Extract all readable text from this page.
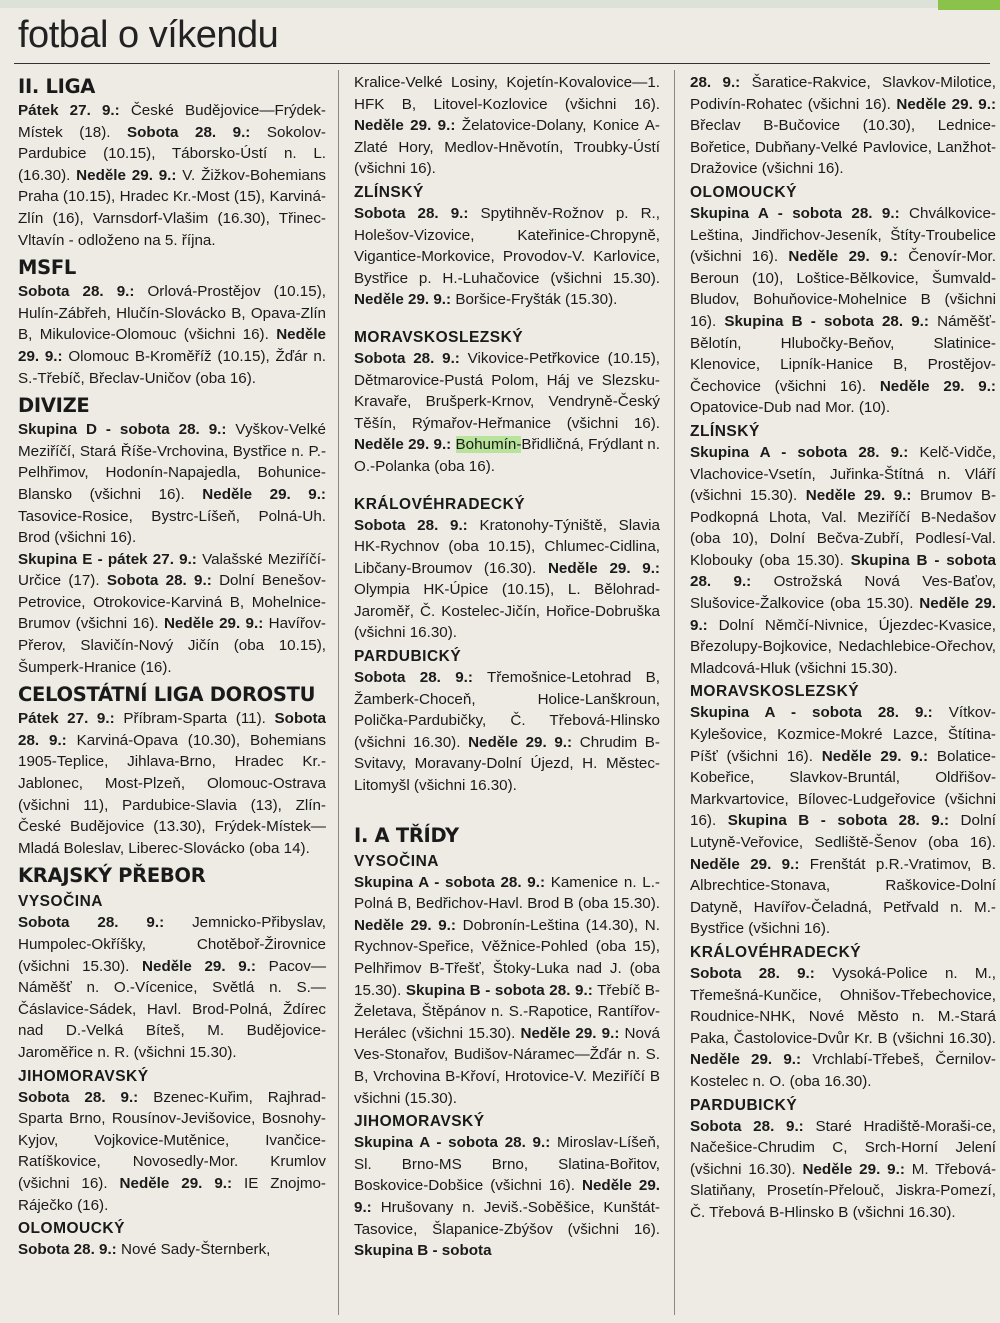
fotbal o víkendu
II. LIGA

Pátek 27. 9.: České Budějovice—Frýdek-Místek (18). Sobota 28. 9.: Sokolov-Pardubice (10.15), Táborsko-Ústí n. L. (16.30). Neděle 29. 9.: V. Žižkov-Bohemians Praha (10.15), Hradec Kr.-Most (15), Karviná-Zlín (16), Varnsdorf-Vlašim (16.30), Třinec-Vltavín - odloženo na 5. října.

MSFL

Sobota 28. 9.: Orlová-Prostějov (10.15), Hulín-Zábřeh, Hlučín-Slovácko B, Opava-Zlín B, Mikulovice-Olomouc (všichni 16). Neděle 29. 9.: Olomouc B-Kroměříž (10.15), Žďár n. S.-Třebíč, Břeclav-Uničov (oba 16).

DIVIZE

Skupina D - sobota 28. 9.: Vyškov-Velké Meziříčí, Stará Říše-Vrchovina, Bystřice n. P.-Pelhřimov, Hodonín-Napajedla, Bohunice-Blansko (všichni 16). Neděle 29. 9.: Tasovice-Rosice, Bystrc-Líšeň, Polná-Uh. Brod (všichni 16).

Skupina E - pátek 27. 9.: Valašské Meziříčí-Určice (17). Sobota 28. 9.: Dolní Benešov-Petrovice, Otrokovice-Karviná B, Mohelnice-Brumov (všichni 16). Neděle 29. 9.: Havířov-Přerov, Slavičín-Nový Jičín (oba 10.15), Šumperk-Hranice (16).

CELOSTÁTNÍ LIGA DOROSTU

Pátek 27. 9.: Příbram-Sparta (11). Sobota 28. 9.: Karviná-Opava (10.30), Bohemians 1905-Teplice, Jihlava-Brno, Hradec Kr.-Jablonec, Most-Plzeň, Olomouc-Ostrava (všichni 11), Pardubice-Slavia (13), Zlín-České Budějovice (13.30), Frýdek-Místek—Mladá Boleslav, Liberec-Slovácko (oba 14).

KRAJSKÝ PŘEBOR
VYSOČINA

Sobota 28. 9.: Jemnicko-Přibyslav, Humpolec-Okříšky, Chotěboř-Žirovnice (všichni 15.30). Neděle 29. 9.: Pacov—Náměšť n. O.-Vícenice, Světlá n. S.—Čáslavice-Sádek, Havl. Brod-Polná, Ždírec nad D.-Velká Bíteš, M. Budějovice-Jaroměřice n. R. (všichni 15.30).

JIHOMORAVSKÝ

Sobota 28. 9.: Bzenec-Kuřim, Rajhrad-Sparta Brno, Rousínov-Jevišovice, Bosnohy-Kyjov, Vojkovice-Mutěnice, Ivančice-Ratíškovice, Novosedly-Mor. Krumlov (všichni 16). Neděle 29. 9.: IE Znojmo-Ráječko (16).

OLOMOUCKÝ

Sobota 28. 9.: Nové Sady-Šternberk,

Kralice-Velké Losiny, Kojetín-Kovalovice—1. HFK B, Litovel-Kozlovice (všichni 16). Neděle 29. 9.: Želatovice-Dolany, Konice A-Zlaté Hory, Medlov-Hněvotín, Troubky-Ústí (všichni 16).

ZLÍNSKÝ

Sobota 28. 9.: Spytihněv-Rožnov p. R., Holešov-Vizovice, Kateřinice-Chropyně, Vigantice-Morkovice, Provodov-V. Karlovice, Bystřice p. H.-Luhačovice (všichni 15.30). Neděle 29. 9.: Boršice-Fryšták (15.30).

MORAVSKOSLEZSKÝ

Sobota 28. 9.: Vikovice-Petřkovice (10.15), Dětmarovice-Pustá Polom, Háj ve Slezsku-Kravaře, Brušperk-Krnov, Vendryně-Český Těšín, Rýmařov-Heřmanice (všichni 16). Neděle 29. 9.: Bohumín-Břidličná, Frýdlant n. O.-Polanka (oba 16).

KRÁLOVÉHRADECKÝ

Sobota 28. 9.: Kratonohy-Týniště, Slavia HK-Rychnov (oba 10.15), Chlumec-Cidlina, Libčany-Broumov (16.30). Neděle 29. 9.: Olympia HK-Úpice (10.15), L. Bělohrad-Jaroměř, Č. Kostelec-Jičín, Hořice-Dobruška (všichni 16.30).

PARDUBICKÝ

Sobota 28. 9.: Třemošnice-Letohrad B, Žamberk-Choceň, Holice-Lanškroun, Polička-Pardubičky, Č. Třebová-Hlinsko (všichni 16.30). Neděle 29. 9.: Chrudim B-Svitavy, Moravany-Dolní Újezd, H. Městec-Litomyšl (všichni 16.30).

I. A TŘÍDY
VYSOČINA

Skupina A - sobota 28. 9.: Kamenice n. L.-Polná B, Bedřichov-Havl. Brod B (oba 15.30). Neděle 29. 9.: Dobronín-Leština (14.30), N. Rychnov-Speřice, Věžnice-Pohled (oba 15), Pelhřimov B-Třešť, Štoky-Luka nad J. (oba 15.30). Skupina B - sobota 28. 9.: Třebíč B-Želetava, Štěpánov n. S.-Rapotice, Rantířov-Herálec (všichni 15.30). Neděle 29. 9.: Nová Ves-Stonařov, Budišov-Náramec—Žďár n. S. B, Vrchovina B-Křoví, Hrotovice-V. Meziříčí B všichni (15.30).

JIHOMORAVSKÝ

Skupina A - sobota 28. 9.: Miroslav-Líšeň, Sl. Brno-MS Brno, Slatina-Bořitov, Boskovice-Dobšice (všichni 16). Neděle 29. 9.: Hrušovany n. Jeviš.-Soběšice, Kunštát-Tasovice, Šlapanice-Zbýšov (všichni 16). Skupina B - sobota

28. 9.: Šaratice-Rakvice, Slavkov-Milotice, Podivín-Rohatec (všichni 16). Neděle 29. 9.: Břeclav B-Bučovice (10.30), Lednice-Bořetice, Dubňany-Velké Pavlovice, Lanžhot-Dražovice (všichni 16).

OLOMOUCKÝ

Skupina A - sobota 28. 9.: Chválkovice-Leština, Jindřichov-Jeseník, Štíty-Troubelice (všichni 16). Neděle 29. 9.: Čenovír-Mor. Beroun (10), Loštice-Bělkovice, Šumvald-Bludov, Bohuňovice-Mohelnice B (všichni 16). Skupina B - sobota 28. 9.: Náměšť-Bělotín, Hlubočky-Beňov, Slatinice-Klenovice, Lipník-Hanice B, Prostějov-Čechovice (všichni 16). Neděle 29. 9.: Opatovice-Dub nad Mor. (10).

ZLÍNSKÝ

Skupina A - sobota 28. 9.: Kelč-Vidče, Vlachovice-Vsetín, Juřinka-Štítná n. Vláří (všichni 15.30). Neděle 29. 9.: Brumov B-Podkopná Lhota, Val. Meziříčí B-Nedašov (oba 10), Dolní Bečva-Zubří, Podlesí-Val. Klobouky (oba 15.30). Skupina B - sobota 28. 9.: Ostrožská Nová Ves-Baťov, Slušovice-Žalkovice (oba 15.30). Neděle 29. 9.: Dolní Němčí-Nivnice, Újezdec-Kvasice, Březolupy-Bojkovice, Nedachlebice-Ořechov, Mladcová-Hluk (všichni 15.30).

MORAVSKOSLEZSKÝ

Skupina A - sobota 28. 9.: Vítkov-Kylešovice, Kozmice-Mokré Lazce, Štítina-Píšť (všichni 16). Neděle 29. 9.: Bolatice-Kobeřice, Slavkov-Bruntál, Oldřišov-Markvartovice, Bílovec-Ludgeřovice (všichni 16). Skupina B - sobota 28. 9.: Dolní Lutyně-Veřovice, Sedliště-Šenov (oba 16). Neděle 29. 9.: Frenštát p.R.-Vratimov, B. Albrechtice-Stonava, Raškovice-Dolní Datyně, Havířov-Čeladná, Petřvald n. M.-Bystřice (všichni 16).

KRÁLOVÉHRADECKÝ

Sobota 28. 9.: Vysoká-Police n. M., Třemešná-Kunčice, Ohnišov-Třebechovice, Roudnice-NHK, Nové Město n. M.-Stará Paka, Častolovice-Dvůr Kr. B (všichni 16.30). Neděle 29. 9.: Vrchlabí-Třebeš, Černilov-Kostelec n. O. (oba 16.30).

PARDUBICKÝ

Sobota 28. 9.: Staré Hradiště-Moraši-ce, Načešice-Chrudim C, Srch-Horní Jelení (všichni 16.30). Neděle 29. 9.: M. Třebová-Slatiňany, Prosetín-Přelouč, Jiskra-Pomezí, Č. Třebová B-Hlinsko B (všichni 16.30).
